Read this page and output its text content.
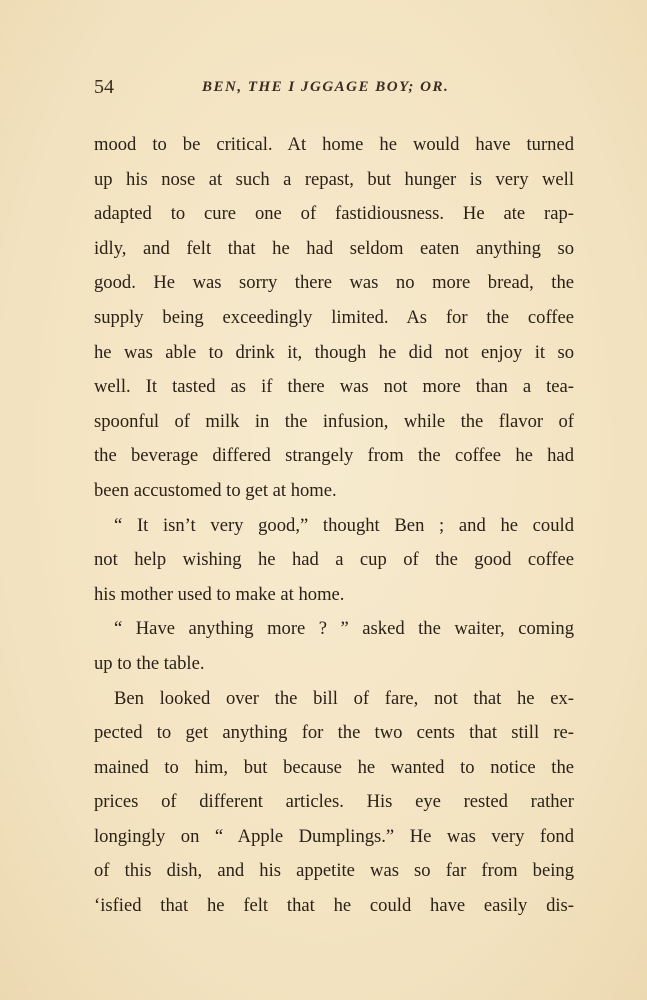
54	BEN, THE I JGGAGE BOY; OR.
mood to be critical. At home he would have turned
up his nose at such a repast, but hunger is very well
adapted to cure one of fastidiousness. He ate rap-
idly, and felt that he had seldom eaten anything so
good. He was sorry there was no more bread, the
supply being exceedingly limited. As for the coffee
he was able to drink it, though he did not enjoy it so
well. It tasted as if there was not more than a tea-
spoonful of milk in the infusion, while the flavor of
the beverage differed strangely from the coffee he had
been accustomed to get at home.
“ It isn’t very good,” thought Ben ; and he could
not help wishing he had a cup of the good coffee
his mother used to make at home.
“ Have anything more ? ” asked the waiter, coming
up to the table.
Ben looked over the bill of fare, not that he ex-
pected to get anything for the two cents that still re-
mained to him, but because he wanted to notice the
prices of different articles. His eye rested rather
longingly on “ Apple Dumplings.” He was very fond
of this dish, and his appetite was so far from being
‘isfied that he felt that he could have easily dis-
